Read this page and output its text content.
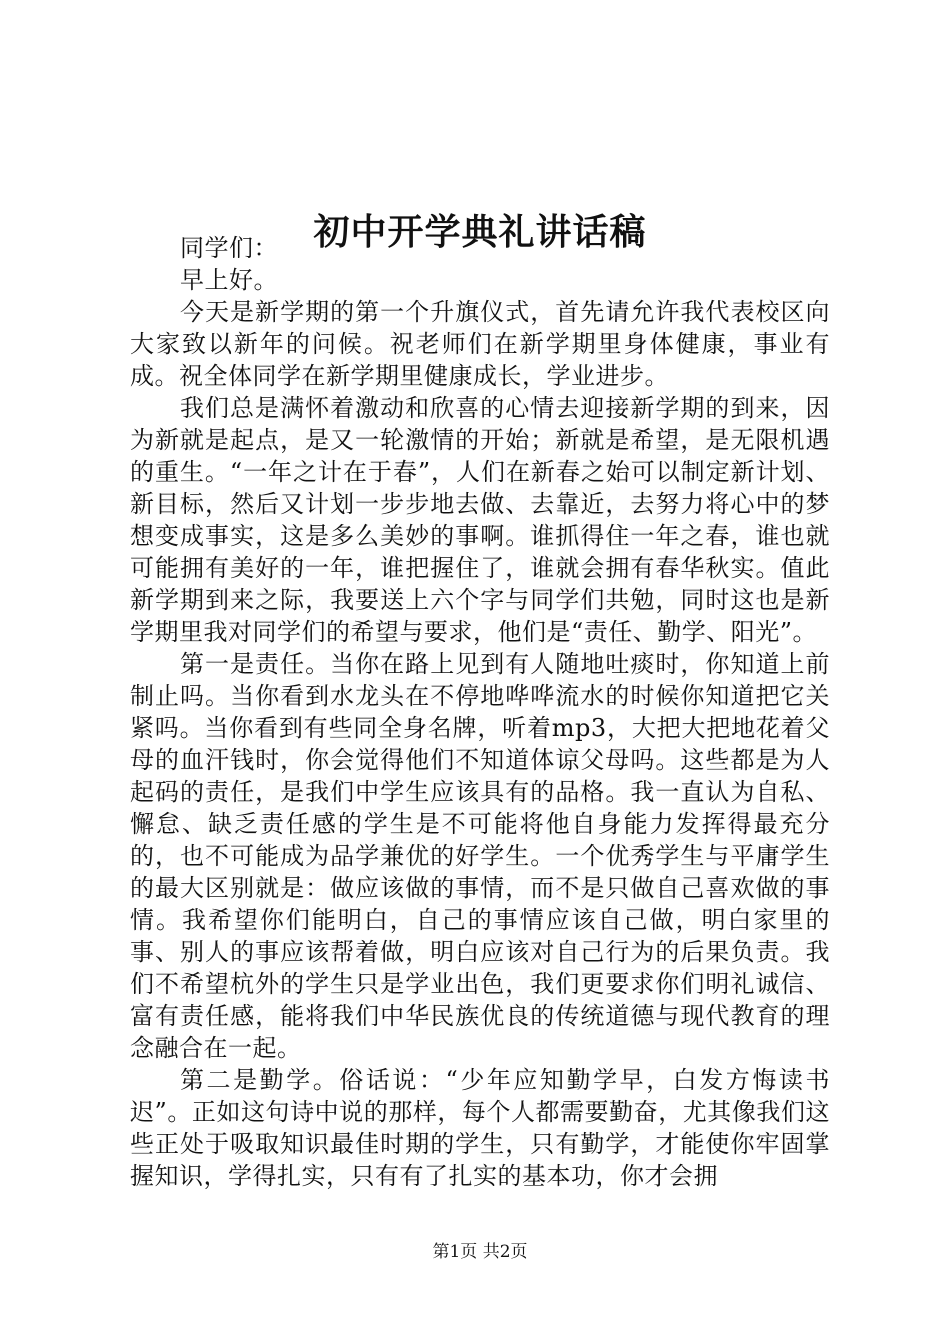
初中开学典礼讲话稿

同学们：

早上好。

今天是新学期的第一个升旗仪式，首先请允许我代表校区向大家致以新年的问候。祝老师们在新学期里身体健康，事业有成。祝全体同学在新学期里健康成长，学业进步。

我们总是满怀着激动和欣喜的心情去迎接新学期的到来，因为新就是起点，是又一轮激情的开始；新就是希望，是无限机遇的重生。“一年之计在于春”，人们在新春之始可以制定新计划、新目标，然后又计划一步步地去做、去靠近，去努力将心中的梦想变成事实，这是多么美妙的事啊。谁抓得住一年之春，谁也就可能拥有美好的一年，谁把握住了，谁就会拥有春华秋实。值此新学期到来之际，我要送上六个字与同学们共勉，同时这也是新学期里我对同学们的希望与要求，他们是“责任、勤学、阳光”。

第一是责任。当你在路上见到有人随地吐痰时，你知道上前制止吗。当你看到水龙头在不停地哗哗流水的时候你知道把它关紧吗。当你看到有些同全身名牌，听着mp3，大把大把地花着父母的血汗钱时，你会觉得他们不知道体谅父母吗。这些都是为人起码的责任，是我们中学生应该具有的品格。我一直认为自私、懈怠、缺乏责任感的学生是不可能将他自身能力发挥得最充分的，也不可能成为品学兼优的好学生。一个优秀学生与平庸学生的最大区别就是：做应该做的事情，而不是只做自己喜欢做的事情。我希望你们能明白，自己的事情应该自己做，明白家里的事、别人的事应该帮着做，明白应该对自己行为的后果负责。我们不希望杭外的学生只是学业出色，我们更要求你们明礼诚信、富有责任感，能将我们中华民族优良的传统道德与现代教育的理念融合在一起。

第二是勤学。俗话说：“少年应知勤学早，白发方悔读书迟”。正如这句诗中说的那样，每个人都需要勤奋，尤其像我们这些正处于吸取知识最佳时期的学生，只有勤学，才能使你牢固掌握知识，学得扎实，只有有了扎实的基本功，你才会拥

第1页 共2页
